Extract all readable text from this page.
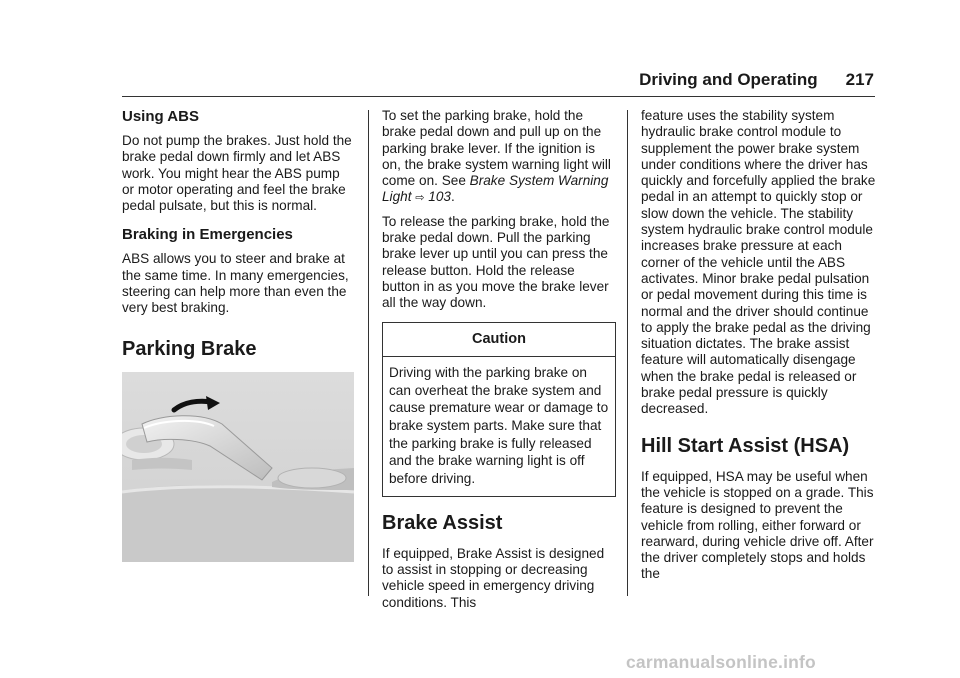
Driving and Operating 217
Using ABS

Do not pump the brakes. Just hold the brake pedal down firmly and let ABS work. You might hear the ABS pump or motor operating and feel the brake pedal pulsate, but this is normal.

Braking in Emergencies

ABS allows you to steer and brake at the same time. In many emergencies, steering can help more than even the very best braking.

Parking Brake

To set the parking brake, hold the brake pedal down and pull up on the parking brake lever. If the ignition is on, the brake system warning light will come on. See Brake System Warning Light ⇨ 103.

To release the parking brake, hold the brake pedal down. Pull the parking brake lever up until you can press the release button. Hold the release button in as you move the brake lever all the way down.

Caution
Driving with the parking brake on can overheat the brake system and cause premature wear or damage to brake system parts. Make sure that the parking brake is fully released and the brake warning light is off before driving.
Brake Assist

If equipped, Brake Assist is designed to assist in stopping or decreasing vehicle speed in emergency driving conditions. This

feature uses the stability system hydraulic brake control module to supplement the power brake system under conditions where the driver has quickly and forcefully applied the brake pedal in an attempt to quickly stop or slow down the vehicle. The stability system hydraulic brake control module increases brake pressure at each corner of the vehicle until the ABS activates. Minor brake pedal pulsation or pedal movement during this time is normal and the driver should continue to apply the brake pedal as the driving situation dictates. The brake assist feature will automatically disengage when the brake pedal is released or brake pedal pressure is quickly decreased.

Hill Start Assist (HSA)

If equipped, HSA may be useful when the vehicle is stopped on a grade. This feature is designed to prevent the vehicle from rolling, either forward or rearward, during vehicle drive off. After the driver completely stops and holds the

carmanualsonline.info
